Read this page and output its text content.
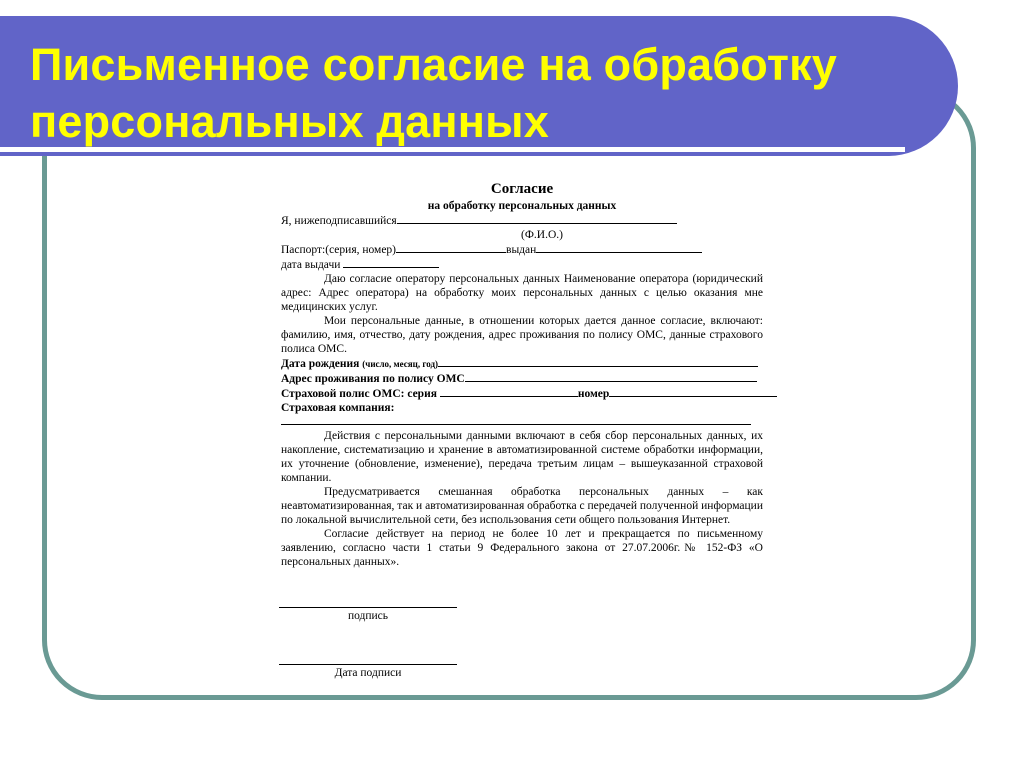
Письменное согласие на обработку
персональных данных
Согласие
на обработку персональных данных

Я, нижеподписавшийся

(Ф.И.О.)

Паспорт:(серия, номер)	выдан

дата выдачи

Даю согласие оператору персональных данных Наименование оператора (юридический адрес: Адрес оператора) на обработку моих персональных данных с целью оказания мне медицинских услуг.

Мои персональные данные, в отношении которых дается данное согласие, включают: фамилию, имя, отчество, дату рождения, адрес проживания по полису ОМС, данные страхового полиса ОМС.

Дата рождения (число, месяц, год)

Адрес проживания по полису ОМС

Страховой полис ОМС: серия	номер

Страховая компания:

Действия с персональными данными включают в себя сбор персональных данных, их накопление, систематизацию и хранение в автоматизированной системе обработки информации, их уточнение (обновление, изменение), передача третьим лицам – вышеуказанной страховой компании.

Предусматривается смешанная обработка персональных данных – как неавтоматизированная, так и автоматизированная обработка с передачей полученной информации по локальной вычислительной сети, без использования сети общего пользования Интернет.

Согласие действует на период не более 10 лет и прекращается по письменному заявлению, согласно части 1 статьи 9 Федерального закона от 27.07.2006г.№ 152-ФЗ «О персональных данных».

подпись
Дата подписи
